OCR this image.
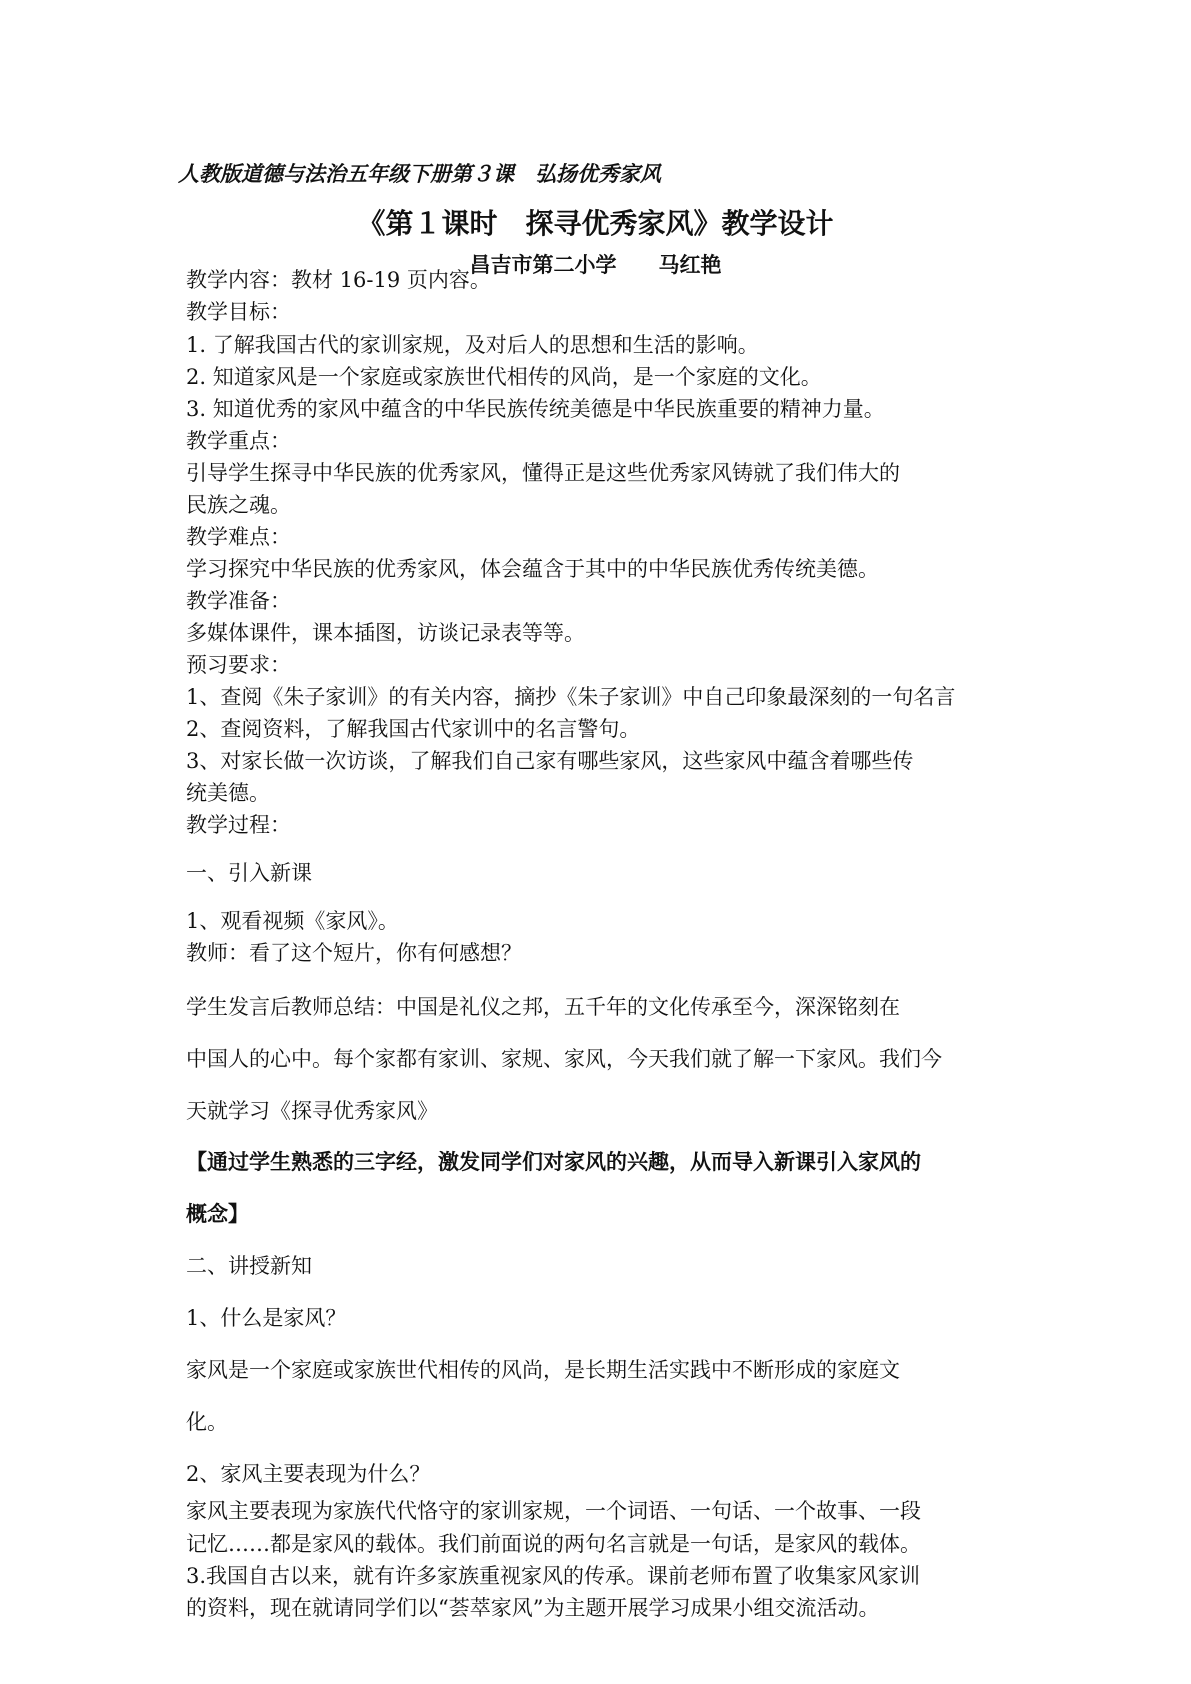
人教版道德与法治五年级下册第３课　弘扬优秀家风
《第１课时　探寻优秀家风》教学设计
昌吉市第二小学　　马红艳
教学内容：教材 16-19 页内容。
教学目标：
1. 了解我国古代的家训家规，及对后人的思想和生活的影响。
2. 知道家风是一个家庭或家族世代相传的风尚，是一个家庭的文化。
3. 知道优秀的家风中蕴含的中华民族传统美德是中华民族重要的精神力量。
教学重点：
引导学生探寻中华民族的优秀家风，懂得正是这些优秀家风铸就了我们伟大的
民族之魂。
教学难点：
学习探究中华民族的优秀家风，体会蕴含于其中的中华民族优秀传统美德。
教学准备：
多媒体课件，课本插图，访谈记录表等等。
预习要求：
1、查阅《朱子家训》的有关内容，摘抄《朱子家训》中自己印象最深刻的一句名言
2、查阅资料，了解我国古代家训中的名言警句。
3、对家长做一次访谈，了解我们自己家有哪些家风，这些家风中蕴含着哪些传
统美德。
教学过程：
一、引入新课
1、观看视频《家风》。
教师：看了这个短片，你有何感想？
学生发言后教师总结：中国是礼仪之邦，五千年的文化传承至今，深深铭刻在
中国人的心中。每个家都有家训、家规、家风，今天我们就了解一下家风。我们今
天就学习《探寻优秀家风》
【通过学生熟悉的三字经，激发同学们对家风的兴趣，从而导入新课引入家风的
概念】
二、讲授新知
1、什么是家风？
家风是一个家庭或家族世代相传的风尚，是长期生活实践中不断形成的家庭文
化。
2、家风主要表现为什么？
家风主要表现为家族代代恪守的家训家规，一个词语、一句话、一个故事、一段
记忆……都是家风的载体。我们前面说的两句名言就是一句话，是家风的载体。
3.我国自古以来，就有许多家族重视家风的传承。课前老师布置了收集家风家训
的资料，现在就请同学们以“荟萃家风”为主题开展学习成果小组交流活动。
